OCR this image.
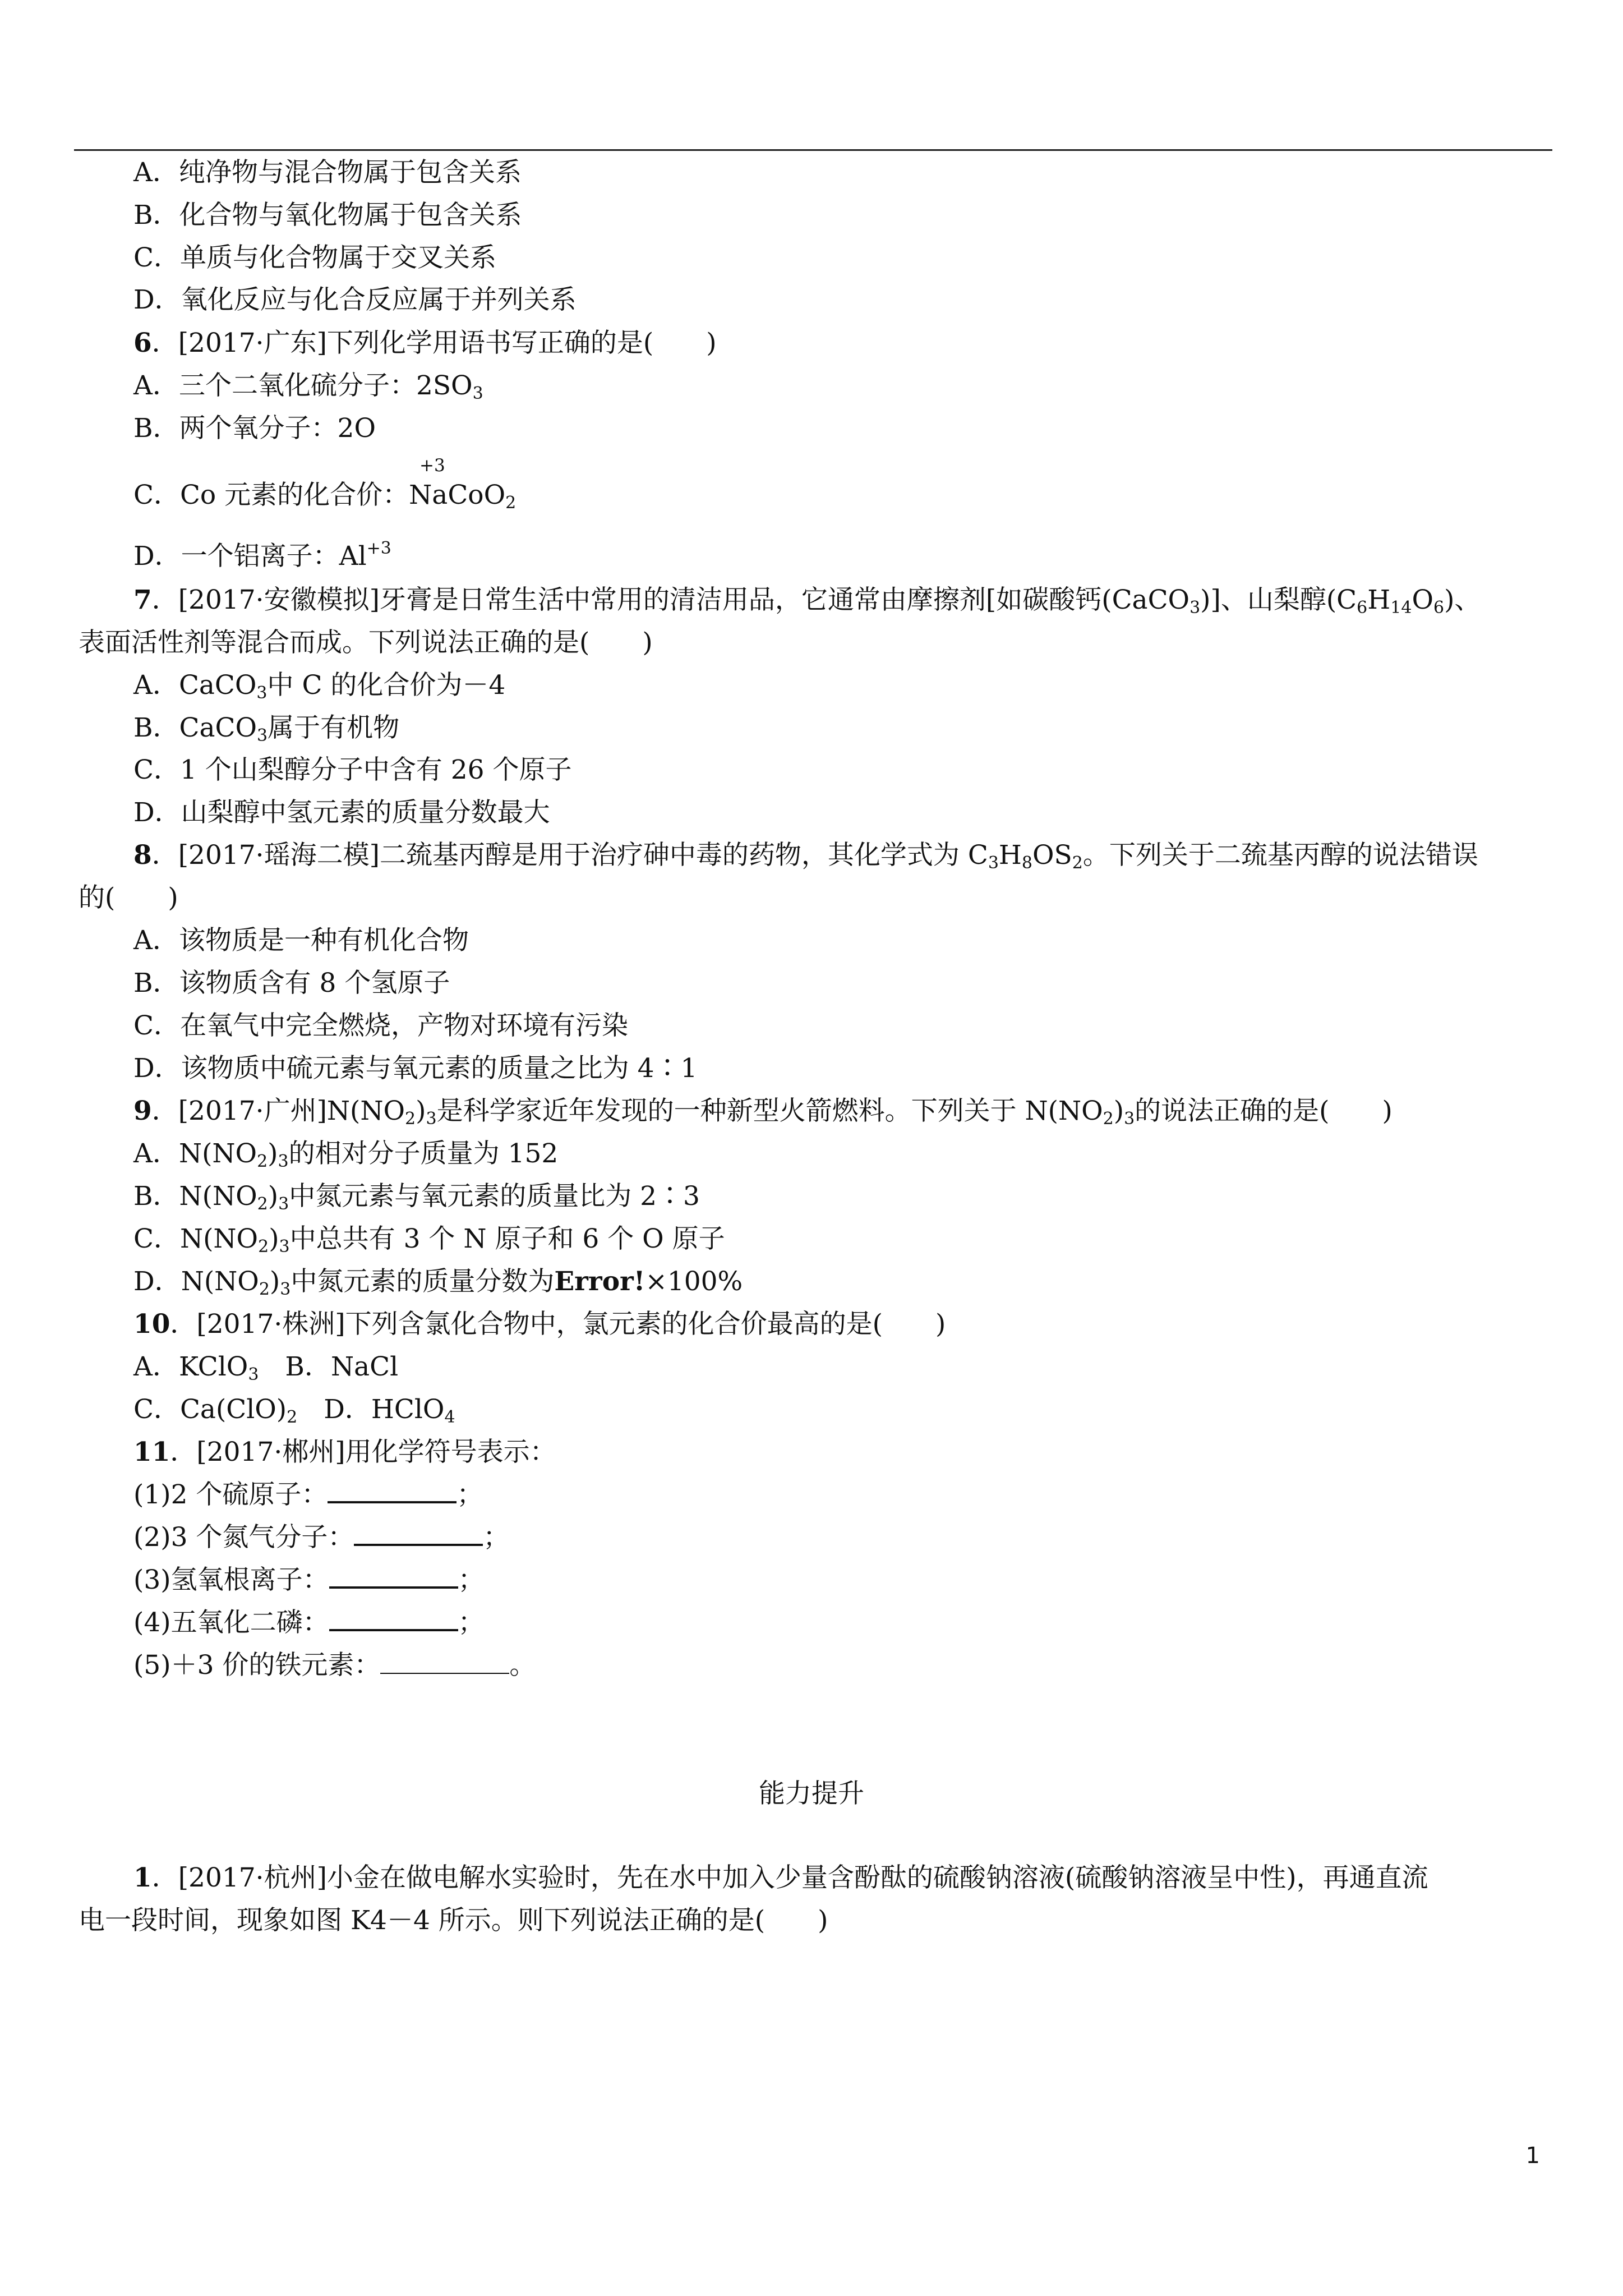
A．纯净物与混合物属于包含关系
B．化合物与氧化物属于包含关系
C．单质与化合物属于交叉关系
D．氧化反应与化合反应属于并列关系
6．[2017·广东]下列化学用语书写正确的是(　　)
A．三个二氧化硫分子：$2SO_3$
B．两个氧分子：2O
+3
C．Co 元素的化合价：NaCoO$_2$
D．一个铝离子：$Al^{+3}$
7．[2017·安徽模拟]牙膏是日常生活中常用的清洁用品，它通常由摩擦剂[如碳酸钙(CaCO$_3$)]、山梨醇$(C_6H_{14}O_6)$、
表面活性剂等混合而成。下列说法正确的是(　　)
A．CaCO$_3$中 C 的化合价为－4
B．CaCO$_3$属于有机物
C．1 个山梨醇分子中含有 26 个原子
D．山梨醇中氢元素的质量分数最大
8．[2017·瑶海二模]二巯基丙醇是用于治疗砷中毒的药物，其化学式为 $C_3H_8OS_2$。下列关于二巯基丙醇的说法错误
的(　　)
A．该物质是一种有机化合物
B．该物质含有 8 个氢原子
C．在氧气中完全燃烧，产物对环境有污染
D．该物质中硫元素与氧元素的质量之比为 4∶1
9．[2017·广州]$N(NO_2)_3$是科学家近年发现的一种新型火箭燃料。下列关于 $N(NO_2)_3$的说法正确的是(　　)
A．$N(NO_2)_3$的相对分子质量为 152
B．$N(NO_2)_3$中氮元素与氧元素的质量比为 2∶3
C．$N(NO_2)_3$中总共有 3 个 N 原子和 6 个 O 原子
D．$N(NO_2)_3$中氮元素的质量分数为Error!×100%
10．[2017·株洲]下列含氯化合物中，氯元素的化合价最高的是(　　)
A．KClO$_3$　B．NaCl
C．$Ca(ClO)_2$　D．HClO$_4$
11．[2017·郴州]用化学符号表示：
(1)2 个硫原子：	；
(2)3 个氮气分子：	；
(3)氢氧根离子：	；
(4)五氧化二磷：	；
(5)＋3 价的铁元素：	。
能力提升
1．[2017·杭州]小金在做电解水实验时，先在水中加入少量含酚酞的硫酸钠溶液(硫酸钠溶液呈中性)，再通直流
电一段时间，现象如图 K4－4 所示。则下列说法正确的是(　　)
1
